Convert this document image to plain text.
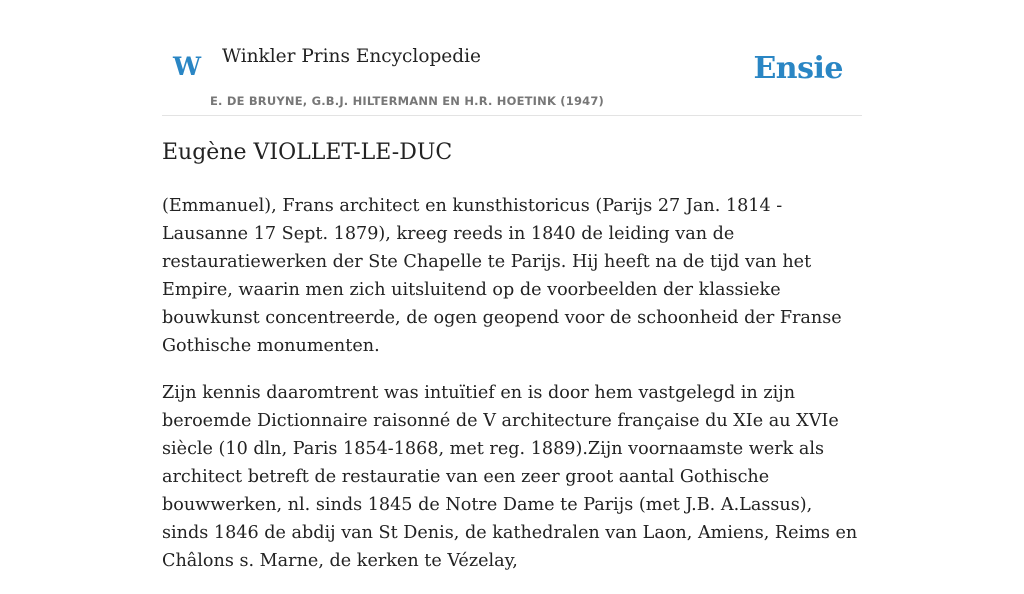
W Winkler Prins Encyclopedie
E. DE BRUYNE, G.B.J. HILTERMANN EN H.R. HOETINK (1947)
Ensie
Eugène VIOLLET-LE-DUC

(Emmanuel), Frans architect en kunsthistoricus (Parijs 27 Jan. 1814 - Lausanne 17 Sept. 1879), kreeg reeds in 1840 de leiding van de restauratiewerken der Ste Chapelle te Parijs. Hij heeft na de tijd van het Empire, waarin men zich uitsluitend op de voorbeelden der klassieke bouwkunst concentreerde, de ogen geopend voor de schoonheid der Franse Gothische monumenten.

Zijn kennis daaromtrent was intuïtief en is door hem vastgelegd in zijn beroemde Dictionnaire raisonné de V architecture française du XIe au XVIe siècle (10 dln, Paris 1854-1868, met reg. 1889).Zijn voornaamste werk als architect betreft de restauratie van een zeer groot aantal Gothische bouwwerken, nl. sinds 1845 de Notre Dame te Parijs (met J.B. A.Lassus), sinds 1846 de abdij van St Denis, de kathedralen van Laon, Amiens, Reims en Châlons s. Marne, de kerken te Vézelay,
